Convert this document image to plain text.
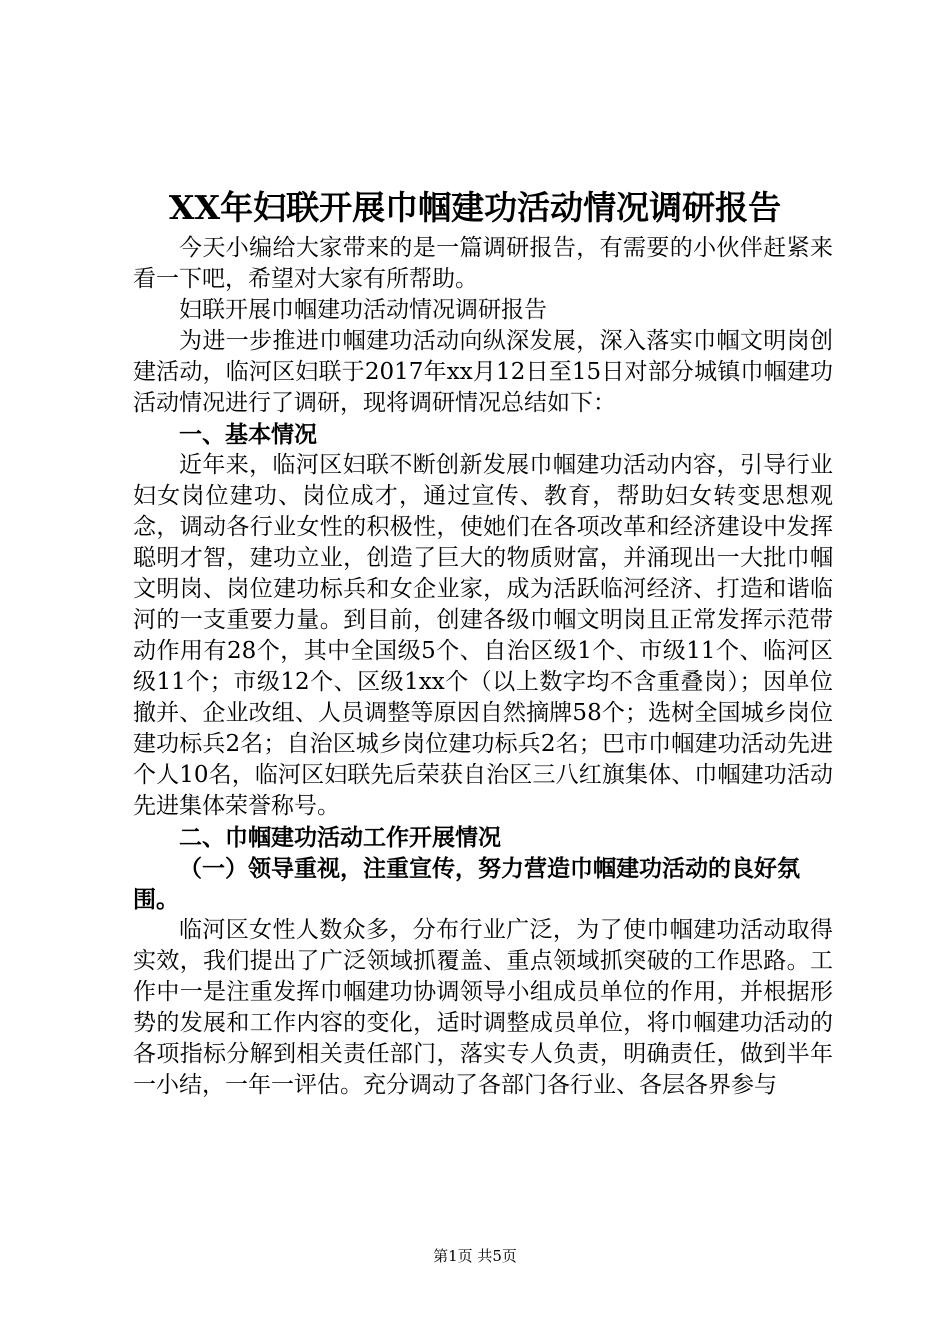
XX年妇联开展巾帼建功活动情况调研报告

今天小编给大家带来的是一篇调研报告，有需要的小伙伴赶紧来看一下吧，希望对大家有所帮助。

妇联开展巾帼建功活动情况调研报告

为进一步推进巾帼建功活动向纵深发展，深入落实巾帼文明岗创建活动，临河区妇联于2017年xx月12日至15日对部分城镇巾帼建功活动情况进行了调研，现将调研情况总结如下：

一、基本情况

近年来，临河区妇联不断创新发展巾帼建功活动内容，引导行业妇女岗位建功、岗位成才，通过宣传、教育，帮助妇女转变思想观念，调动各行业女性的积极性，使她们在各项改革和经济建设中发挥聪明才智，建功立业，创造了巨大的物质财富，并涌现出一大批巾帼文明岗、岗位建功标兵和女企业家，成为活跃临河经济、打造和谐临河的一支重要力量。到目前，创建各级巾帼文明岗且正常发挥示范带动作用有28个，其中全国级5个、自治区级1个、市级11个、临河区级11个；市级12个、区级1xx个（以上数字均不含重叠岗）；因单位撤并、企业改组、人员调整等原因自然摘牌58个；选树全国城乡岗位建功标兵2名；自治区城乡岗位建功标兵2名；巴市巾帼建功活动先进个人10名，临河区妇联先后荣获自治区三八红旗集体、巾帼建功活动先进集体荣誉称号。

二、巾帼建功活动工作开展情况

（一）领导重视，注重宣传，努力营造巾帼建功活动的良好氛围。

临河区女性人数众多，分布行业广泛，为了使巾帼建功活动取得实效，我们提出了广泛领域抓覆盖、重点领域抓突破的工作思路。工作中一是注重发挥巾帼建功协调领导小组成员单位的作用，并根据形势的发展和工作内容的变化，适时调整成员单位，将巾帼建功活动的各项指标分解到相关责任部门，落实专人负责，明确责任，做到半年一小结，一年一评估。充分调动了各部门各行业、各层各界参与

第1页 共5页
